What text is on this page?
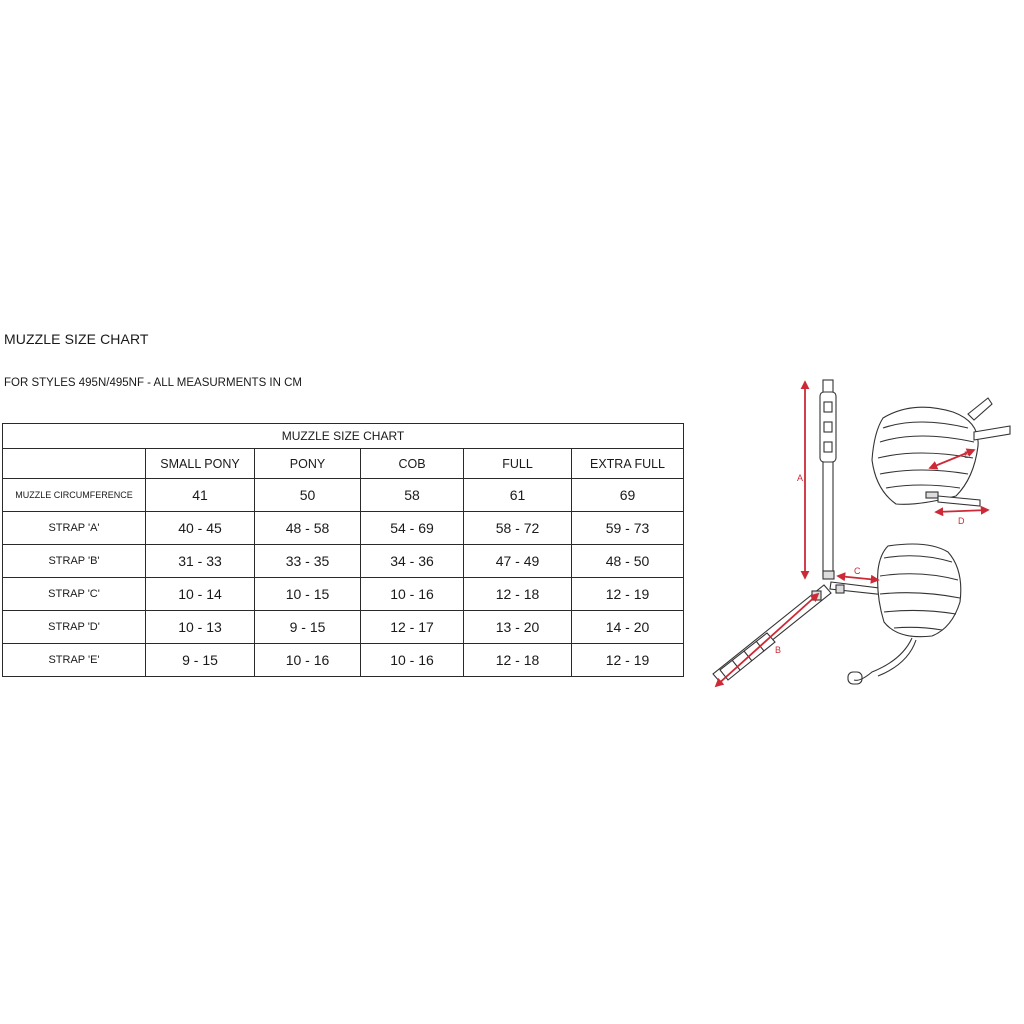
MUZZLE SIZE CHART
FOR STYLES 495N/495NF - ALL MEASURMENTS IN CM
MUZZLE SIZE CHART					
	SMALL PONY	PONY	COB	FULL	EXTRA FULL
MUZZLE CIRCUMFERENCE	41	50	58	61	69
STRAP 'A'	40 - 45	48 - 58	54 - 69	58 - 72	59 - 73
STRAP 'B'	31 - 33	33 - 35	34 - 36	47 - 49	48 - 50
STRAP 'C'	10 - 14	10 - 15	10 - 16	12 - 18	12 - 19
STRAP 'D'	10 - 13	9 - 15	12 - 17	13 - 20	14 - 20
STRAP 'E'	9 - 15	10 - 16	10 - 16	12 - 18	12 - 19
A
B
C
D
E
